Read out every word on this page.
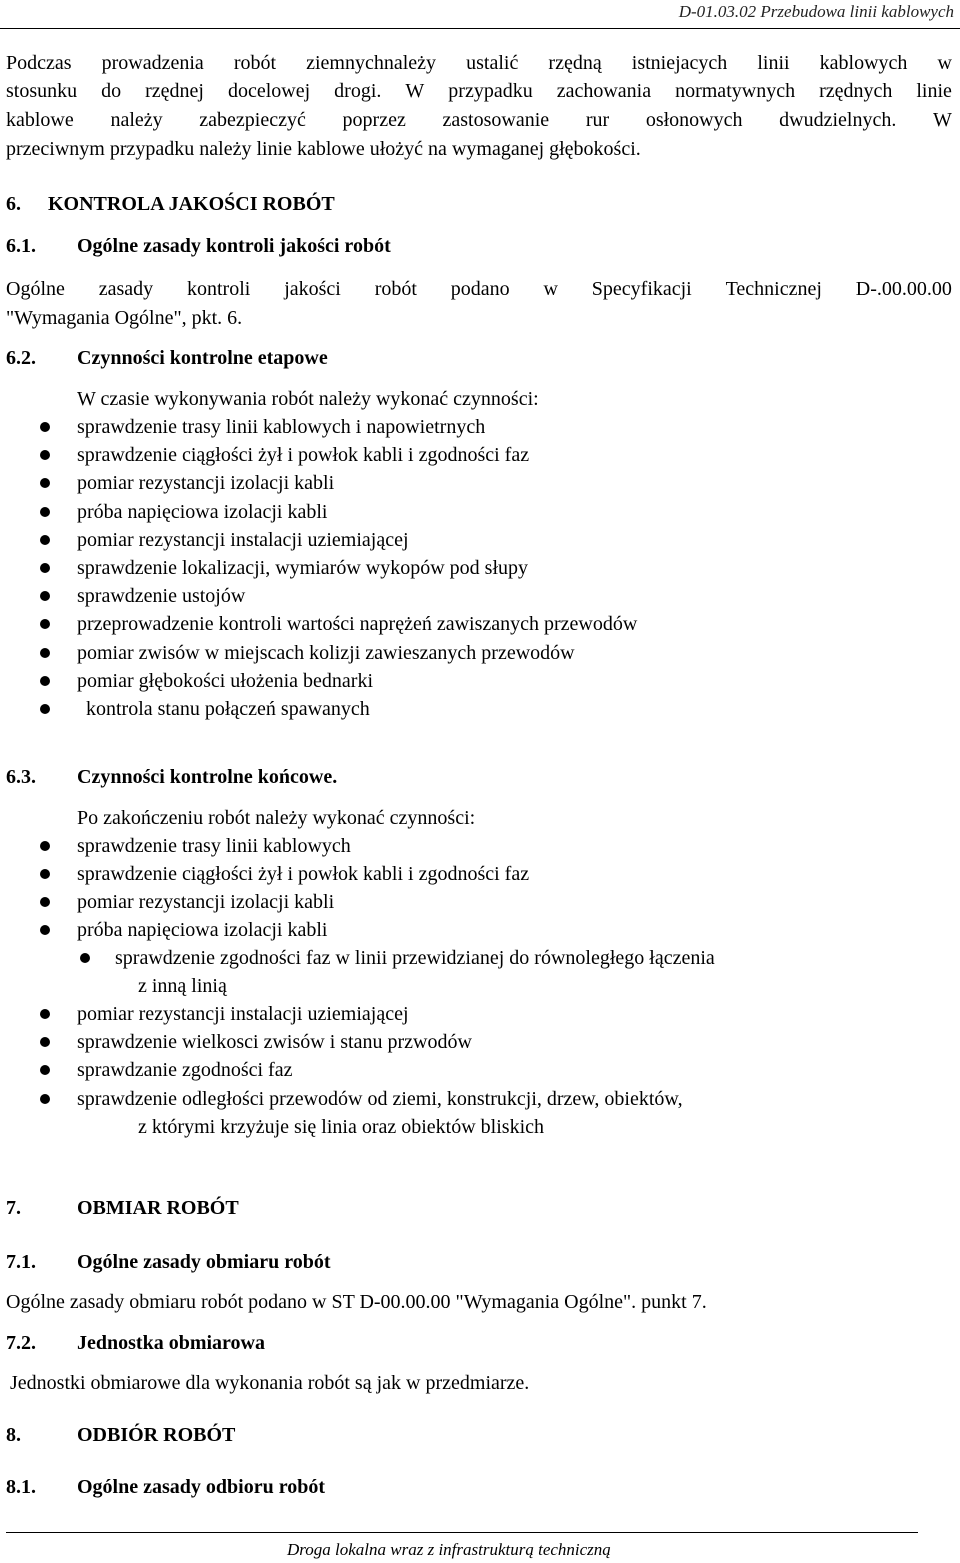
D-01.03.02 Przebudowa linii kablowych
Podczas prowadzenia robót ziemnychnależy ustalić rzędną istniejacych linii kablowych w
stosunku do rzędnej docelowej drogi. W przypadku zachowania normatywnych rzędnych linie
kablowe należy zabezpieczyć poprzez zastosowanie rur osłonowych dwudzielnych. W
przeciwnym przypadku należy linie kablowe ułożyć na wymaganej głębokości.
6. KONTROLA JAKOŚCI ROBÓT
6.1. Ogólne zasady kontroli jakości robót
Ogólne zasady kontroli jakości robót podano w Specyfikacji Technicznej D-.00.00.00
"Wymagania Ogólne", pkt. 6.
6.2. Czynności kontrolne etapowe
W czasie wykonywania robót należy wykonać czynności:
sprawdzenie trasy linii kablowych i napowietrnych
sprawdzenie ciągłości żył i powłok kabli i zgodności faz
pomiar rezystancji izolacji kabli
próba napięciowa izolacji kabli
pomiar rezystancji instalacji uziemiającej
sprawdzenie lokalizacji, wymiarów wykopów pod słupy
sprawdzenie ustojów
przeprowadzenie kontroli wartości naprężeń zawiszanych przewodów
pomiar zwisów w miejscach kolizji zawieszanych przewodów
pomiar głębokości ułożenia bednarki
kontrola stanu połączeń spawanych
6.3. Czynności kontrolne końcowe.
Po zakończeniu robót należy wykonać czynności:
sprawdzenie trasy linii kablowych
sprawdzenie ciągłości żył i powłok kabli i zgodności faz
pomiar rezystancji izolacji kabli
próba napięciowa izolacji kabli
sprawdzenie zgodności faz w linii przewidzianej do równoległego łączenia
z inną linią
pomiar rezystancji instalacji uziemiającej
sprawdzenie wielkosci zwisów i stanu przwodów
sprawdzanie zgodności faz
sprawdzenie odległości przewodów od ziemi, konstrukcji, drzew, obiektów,
z którymi krzyżuje się linia oraz obiektów bliskich
7.	OBMIAR ROBÓT
7.1. Ogólne zasady obmiaru robót
Ogólne zasady obmiaru robót podano w ST D-00.00.00 "Wymagania Ogólne". punkt 7.
7.2. Jednostka obmiarowa
Jednostki obmiarowe dla wykonania robót są jak w przedmiarze.
8.	ODBIÓR ROBÓT
8.1. Ogólne zasady odbioru robót
Droga lokalna wraz z infrastrukturą techniczną
